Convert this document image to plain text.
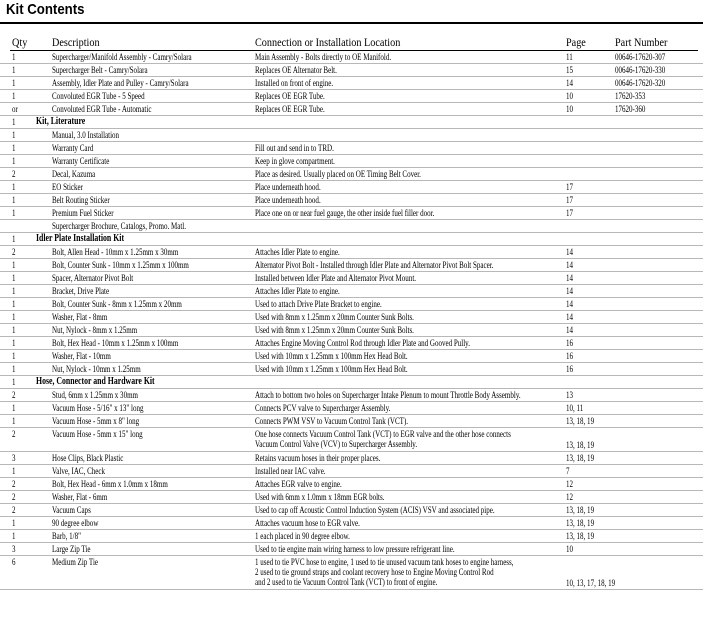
Kit Contents
Qty Description	Connection or Installation Location	Page Part Number
1	Supercharger/Manifold Assembly - Camry/Solara	Main Assembly - Bolts directly to OE Manifold.	11	00646-17620-307
1	Supercharger Belt - Camry/Solara	Replaces OE Alternator Belt.	15	00646-17620-330
1	Assembly, Idler Plate and Pulley - Camry/Solara	Installed on front of engine.	14	00646-17620-320
1	Convoluted EGR Tube - 5 Speed	Replaces OE EGR Tube.	10	17620-353
or	Convoluted EGR Tube - Automatic	Replaces OE EGR Tube.	10	17620-360
1 Kit, Literature
1	Manual, 3.0 Installation
1	Warranty Card	Fill out and send in to TRD.
1	Warranty Certificate	Keep in glove compartment.
2	Decal, Kazuma	Place as desired. Usually placed on OE Timing Belt Cover.
1	EO Sticker	Place underneath hood.	17
1	Belt Routing Sticker	Place underneath hood.	17
1	Premium Fuel Sticker	Place one on or near fuel gauge, the other inside fuel filler door.	17
Supercharger Brochure, Catalogs, Promo. Matl.
1 Idler Plate Installation Kit
2	Bolt, Allen Head - 10mm x 1.25mm x 30mm	Attaches Idler Plate to engine.	14
1	Bolt, Counter Sunk - 10mm x 1.25mm x 100mm	Alternator Pivot Bolt - Installed through Idler Plate and Alternator Pivot Bolt Spacer.	14
1	Spacer, Alternator Pivot Bolt	Installed between Idler Plate and Alternator Pivot Mount.	14
1	Bracket, Drive Plate	Attaches Idler Plate to engine.	14
1	Bolt, Counter Sunk - 8mm x 1.25mm x 20mm	Used to attach Drive Plate Bracket to engine.	14
1	Washer, Flat - 8mm	Used with 8mm x 1.25mm x 20mm Counter Sunk Bolts.	14
1	Nut, Nylock - 8mm x 1.25mm	Used with 8mm x 1.25mm x 20mm Counter Sunk Bolts.	14
1	Bolt, Hex Head - 10mm x 1.25mm x 100mm	Attaches Engine Moving Control Rod through Idler Plate and Gooved Pully.	16
1	Washer, Flat - 10mm	Used with 10mm x 1.25mm x 100mm Hex Head Bolt.	16
1	Nut, Nylock - 10mm x 1.25mm	Used with 10mm x 1.25mm x 100mm Hex Head Bolt.	16
1 Hose, Connector and Hardware Kit
2	Stud, 6mm x 1.25mm x 30mm	Attach to bottom two holes on Supercharger Intake Plenum to mount Throttle Body Assembly.	13
1	Vacuum Hose - 5/16" x 13" long	Connects PCV valve to Supercharger Assembly.	10, 11
1	Vacuum Hose - 5mm x 8" long	Connects PWM VSV to Vacuum Control Tank (VCT).	13, 18, 19
2	Vacuum Hose - 5mm x 15" long	One hose connects Vacuum Control Tank (VCT) to EGR valve and the other hose connects
Vacuum Control Valve (VCV) to Supercharger Assembly.	13, 18, 19
3	Hose Clips, Black Plastic	Retains vacuum hoses in their proper places.	13, 18, 19
1	Valve, IAC, Check	Installed near IAC valve.	7
2	Bolt, Hex Head - 6mm x 1.0mm x 18mm	Attaches EGR valve to engine.	12
2	Washer, Flat - 6mm	Used with 6mm x 1.0mm x 18mm EGR bolts.	12
2	Vacuum Caps	Used to cap off Acoustic Control Induction System (ACIS) VSV and associated pipe.	13, 18, 19
1	90 degree elbow	Attaches vacuum hose to EGR valve.	13, 18, 19
1	Barb, 1/8"	1 each placed in 90 degree elbow.	13, 18, 19
3	Large Zip Tie	Used to tie engine main wiring harness to low pressure refrigerant line.	10
6	Medium Zip Tie	1 used to tie PVC hose to engine, 1 used to tie unused vacuum tank hoses to engine harness,
2 used to tie ground straps and coolant recovery hose to Engine Moving Control Rod
and 2 used to tie Vacuum Control Tank (VCT) to front of engine.	10, 13, 17, 18, 19
